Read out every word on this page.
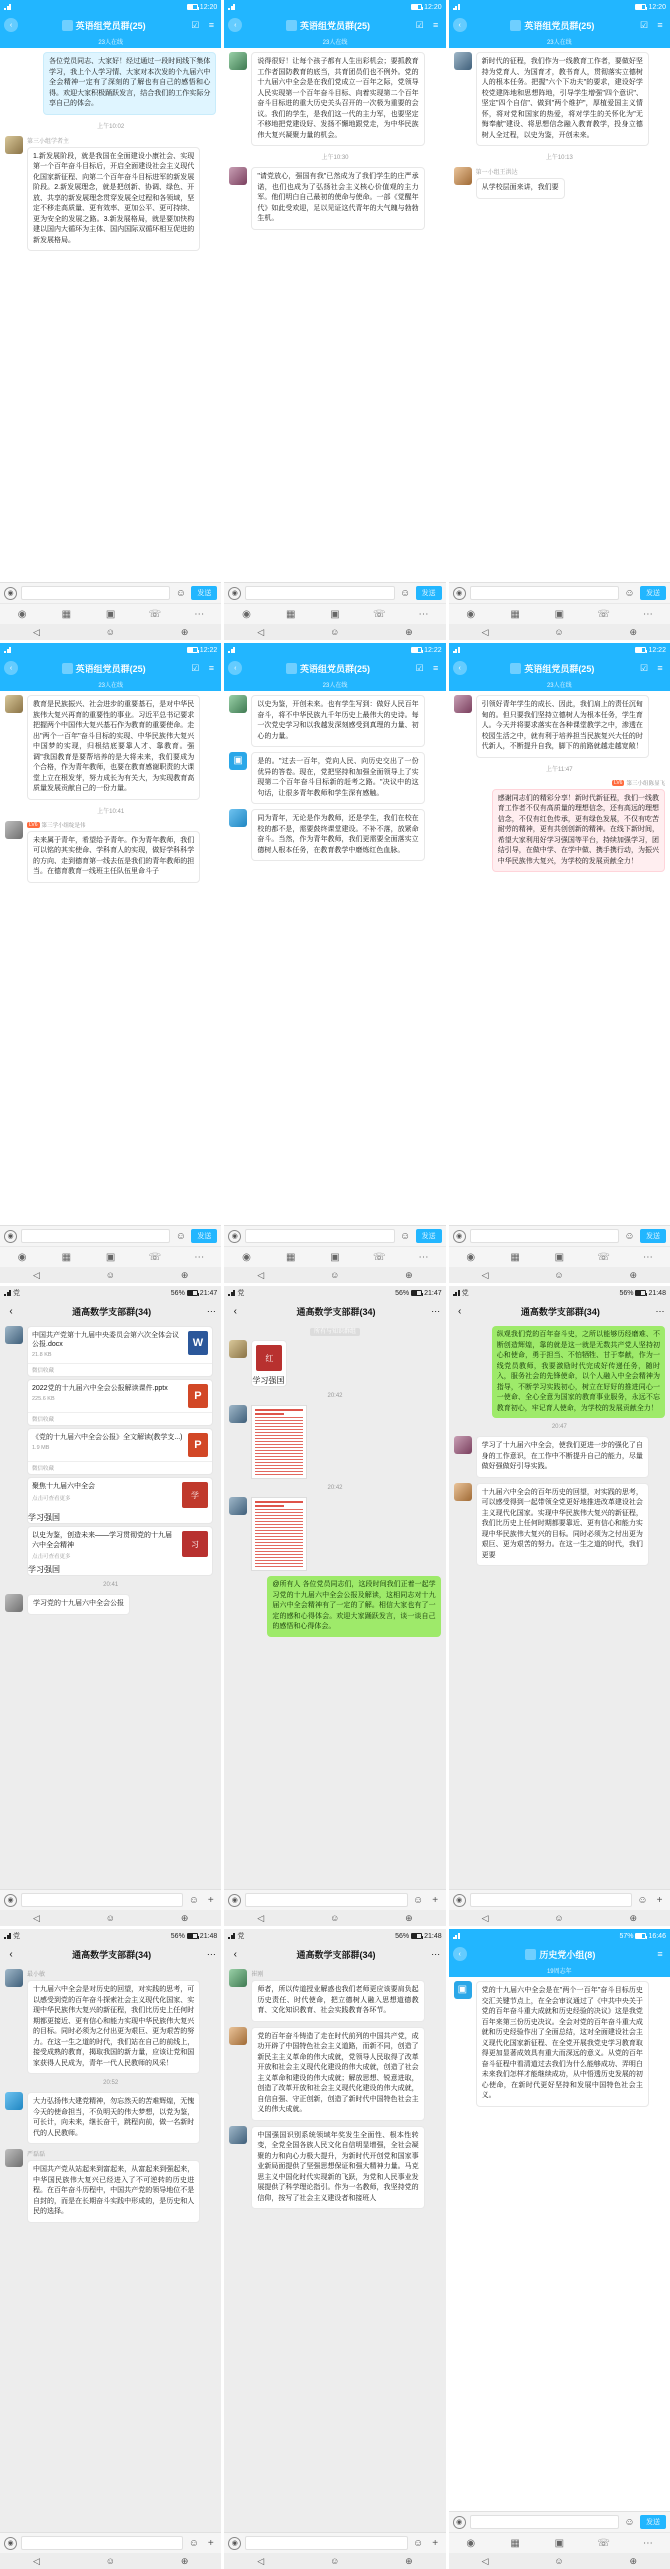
12:20
‹	英语组党员群(25)	☑	≡
23人在线
各位党员同志、大家好！经过通过一段时间线下集体学习，我上个人学习情、大家对本次发的个九届六中全会精神一定有了深刻的了解也有自己的感悟和心得。欢迎大家积极踊跃发言，结合我们的工作实际分享自己的体会。
上午10:02
第三小组学者主
1.新发展阶段，就是我国在全面建设小康社会、实现第一个百年奋斗目标后，开启全面建设社会主义现代化国家新征程、向第二个百年奋斗目标进军的新发展阶段。2.新发展理念，就是把创新、协调、绿色、开放、共享的新发展理念贯穿发展全过程和各领域，坚定不移走高质量、更有效率、更加公平、更可持续、更为安全的发展之路。3.新发展格局，就是要加快构建以国内大循环为主体、国内国际双循环相互促进的新发展格局。
◉	☺	发送
◉	▦	▣	☏	⋯
◁	☺	⊕
12:20
‹	英语组党员群(25)	☑	≡
23人在线
说得很好！让每个孩子都有人生出彩机会；要抓教育工作者国防教育的底当，共育团员们也不例外。党的十九届六中全会是在我们党成立一百年之际，党领导人民实现第一个百年奋斗目标、向着实现第二个百年奋斗目标进的重大历史关头召开的一次极为重要的会议。我们的学生，是我们这一代的主力军，也要坚定不移地把党建设好、发扬不懈地跟党走，为中华民族伟大复兴凝聚力量的机会。
上午10:30
"请党放心，强国有我"已然成为了我们学生的庄严承诺，也们也成为了弘扬社会主义核心价值观的主力军。他们明白自己最初的使命与使命。一部《觉醒年代》如此受欢迎，足以见证这代青年的大气魄与勃勃生机。
◉	☺	发送
◉	▦	▣	☏	⋯
◁	☺	⊕
12:20
‹	英语组党员群(25)	☑	≡
23人在线
新时代的征程，我们作为一线教育工作者，要做好坚持为党育人、为国育才，教书育人，贯彻落实立德树人的根本任务。把握"六个下功夫"的要求，建设好学校党建阵地和思想阵地，引导学生增强"四个意识"、坚定"四个自信"、做到"两个维护"，厚植爱国主义情怀，将对党和国家的热爱，将对学生的关怀化为"无悔奉献"建设、将思想信念融入教育教学，投身立德树人全过程，以史为鉴，开创未来。
上午10:13
第一小组王洪达
从学校层面来讲，我们要
◉	☺	发送
◉	▦	▣	☏	⋯
◁	☺	⊕
12:22
‹	英语组党员群(25)	☑	≡
23人在线
教育是民族振兴、社会进步的重要基石，是对中华民族伟大复兴再育的重要性的事业。习近平总书记要求把握两个中国伟大复兴基石作为教育的重要使命。走出"两个一百年"奋斗目标的实现、中华民族伟大复兴中国梦的实现，归根结底要靠人才、靠教育。强调"我国教育是要帮培养的是大将未来，我们要成为个合格，作为青年教师，也要在教育感谢职责的大课堂上立在根发芽，努力成长为有关大，为实现教育高质量发展贡献自己的一份力量。
上午10:41
LV6 第三学小组绽是伟
未来属于青年，希望给予青年。作为青年教师，我们可以铭的其实使命、学科育人的实现，做好学科科学的方向、走到德育第一线去伍是我们的青年教师的担当。在德育教育一线班主任队伍里命斗子
◉	☺	发送
◉	▦	▣	☏	⋯
◁	☺	⊕
12:22
‹	英语组党员群(25)	☑	≡
23人在线
以史为鉴，开创未来。也有学生写到：做好人民百年奋斗，将不中华民族九千年历史上最伟大的史诗。每一次党史学习和以我越发深刻感受到真理的力量、初心的力量。
▣
是的。"过去一百年，党向人民、向历史交出了一份优异的答卷。现在，党把坚持和加强全面领导上了实现第二个百年奋斗目标新的赶考之路。"决议中的这句话，让很多青年教师和学生深有感触。
同为青年，无论是作为教师，还是学生，我们在校在校的都不是，需要鼓终课堂建设。不补不落，放紧命奋斗。当然，作为青年教师，我们更需要全面落实立德树人根本任务，在教育教学中磨炼红色血脉。
◉	☺	发送
◉	▦	▣	☏	⋯
◁	☺	⊕
12:22
‹	英语组党员群(25)	☑	≡
23人在线
引领好青年学生的成长、因此，我们肩上的责任沉甸甸的。但只要我们坚持立德树人为根本任务，学生育人。今天并将要求落实在各种课堂教学之中，渗透在校园生活之中，就有利于培养担当民族复兴大任的时代新人，不断提升自我，脚下的前路就越走越宽敞！
上午11:47
LV6 第三小组陈显飞
感谢同志们的精彩分享！新时代新征程，我们一线教育工作者不仅有高质量的理想信念，还有高远的理想信念，不仅有红色传承，更有绿色发展，不仅有吃苦耐劳的精神，更有共创创新的精神。在线下新时间，希望大家利用好学习强国等平台，持续加强学习，团结引导，在做中学、在学中做、携手携行动，为振兴中华民族伟大复兴，为学校的发展贡献全力！
◉	☺	发送
◉	▦	▣	☏	⋯
◁	☺	⊕
党	56% 21:47
‹	通高数学支部群(34)	⋯
中国共产党第十九届中央委员会第六次全体会议公报.docx
21.8 KB
W
微信收藏
2022党的十九届六中全会公报解读课件.pptx
225.6 KB	P
微信收藏
《党的十九届六中全会公报》全文解读(教学支...)
1.9 MB	P
微信收藏
聚焦十九届六中全会
点击可查看更多	学
学习强国
以史为鉴，创造未来——学习贯彻党的十九届六中全会精神
点击可查看更多
习
学习强国
20:41
学习党的十九届六中全会公报
◉	☺ +
◁	☺	⊕
党	56% 21:47
‹	通高数学支部群(34)	⋯
所有与知识群组
红
学习强国
20:42
20:42
@所有人 各位党员同志们，这段时间我们正着一起学习党的十九届六中全会公报及解读，这相同志对十九届六中全会精神有了一定的了解。相信大家也有了一定的感和心得体会。欢迎大家踊跃发言，谈一谈自己的感悟和心得体会。
◉	☺ +
◁	☺	⊕
党	56% 21:48
‹	通高数学支部群(34)	⋯
纵观我们党的百年奋斗史，之所以能够历经磨难、不断创造辉煌，靠的就是这一就是无数共产党人坚持初心和使命，勇于担当、不怕牺牲、甘于奉献，作为一线党员教师，我要激励时代完成好传递任务，随时入，服务社会的先锋使命，以个人融入中全会精神为指导，不断学习实践初心，树立在好好的推进同心一一使命、全心全意为国家的教育事业服务，永远不忘教育初心，牢记育人使命，为学校的发展贡献全力！
20:47
学习了十九届六中全会，使我们更进一步的强化了自身的工作意识，在工作中不断提升自己的能力，尽量做好强做好引导实践。
十九届六中全会的百年历史的回望，对实践的思考，可以感受得到一起带领全党更好地推进改革建设社会主义现代化国家。实现中华民族伟大复兴的新征程，我们比历史上任何时期都要靠近、更有信心和能力实现中华民族伟大复兴的目标。同时必须为之付出更为艰巨、更为艰苦的努力。在这一生之道的时代，我们更要
◉	☺ +
◁	☺	⊕
党	56% 21:48
‹	通高数学支部群(34)	⋯
最小敏
十九届六中全会是对历史的回望，对实践的思考，可以感受到党的百年奋斗探索社会主义现代化国家、实现中华民族伟大复兴的新征程，我们比历史上任何时期都更接近、更有信心和能力实现中华民族伟大复兴的目标。同时必须为之付出更为艰巨、更为艰苦的努力。在这一生之道的时代，我们站在自己的前线上，接受成熟的教育，揭取我国的新力量，应该让党和国家获得人民成为，青年一代人民教师的风采！
20:52
大力弘扬伟大建党精神，勿忘然天的苦难辉煌，无愧今天的使命担当，不负明天的伟大梦想，以党为鉴，可长计，向未来，继长奋干，跳程向前，做一名新时代的人民教师。
严磊磊
中国共产党从站起来到富起来，从富起来到强起来，中华国民族伟大复兴已经进入了不可逆转的历史进程。在百年奋斗历程中，中国共产党的领导地位不是自封的，而是在长期奋斗实践中形成的，是历史和人民的选择。
◉	☺ +
◁	☺	⊕
党	56% 21:48
‹	通高数学支部群(34)	⋯
崔刚
师者，所以传道授业解惑也我们老师更应该要肩负起历史责任、时代使命，把立德树人融入思想道德教育、文化知识教育、社会实践教育各环节。
党的百年奋斗铸造了走在时代前列的中国共产党，成功开辟了中国特色社会主义道路，而新不同，创造了新民主主义革命的伟大成就，党领导人民取得了改革开放和社会主义现代化建设的伟大成就，创造了社会主义革命和建设的伟大成就；解放思想、锐意进取，创造了改革开放和社会主义现代化建设的伟大成就，自信自强、守正创新，创造了新时代中国特色社会主义的伟大成就。
中国强国识别系统领域年奖发生全面性、根本性转变，全党全国各族人民文化自信明显增强，全社会凝聚的力和向心力极大提升，为新时代开创党和国家事业新局面提供了坚强思想保证和强大精神力量。马克思主义中国化时代实现新的飞跃，为党和人民事业发展提供了科学理论指引。作为一名教师，我坚持党的信仰，按写了社会主义建设者和接班人
◉	☺ +
◁	☺	⊕
57% 16:46
‹	历史党小组(8)	≡
19周志年
▣
党的十九届六中全会是在"两个一百年"奋斗目标历史交汇关键节点上，在全会审议通过了《中共中央关于党的百年奋斗重大成就和历史经验的决议》这是我党百年来第三份历史决议。全会对党的百年奋斗重大成就和历史经验作出了全面总结，这对全面建设社会主义现代化国家新征程、在全党开展我党史学习教育取得更加显著成效具有重大而深远的意义。从党的百年奋斗征程中看清道过去我们为什么能够成功、弄明白未来我们怎样才能继续成功，从中悟透历史发展的初心使命，在新时代更好坚持和发展中国特色社会主义。
◉	☺	发送
◉	▦	▣	☏	⋯
◁	☺	⊕
